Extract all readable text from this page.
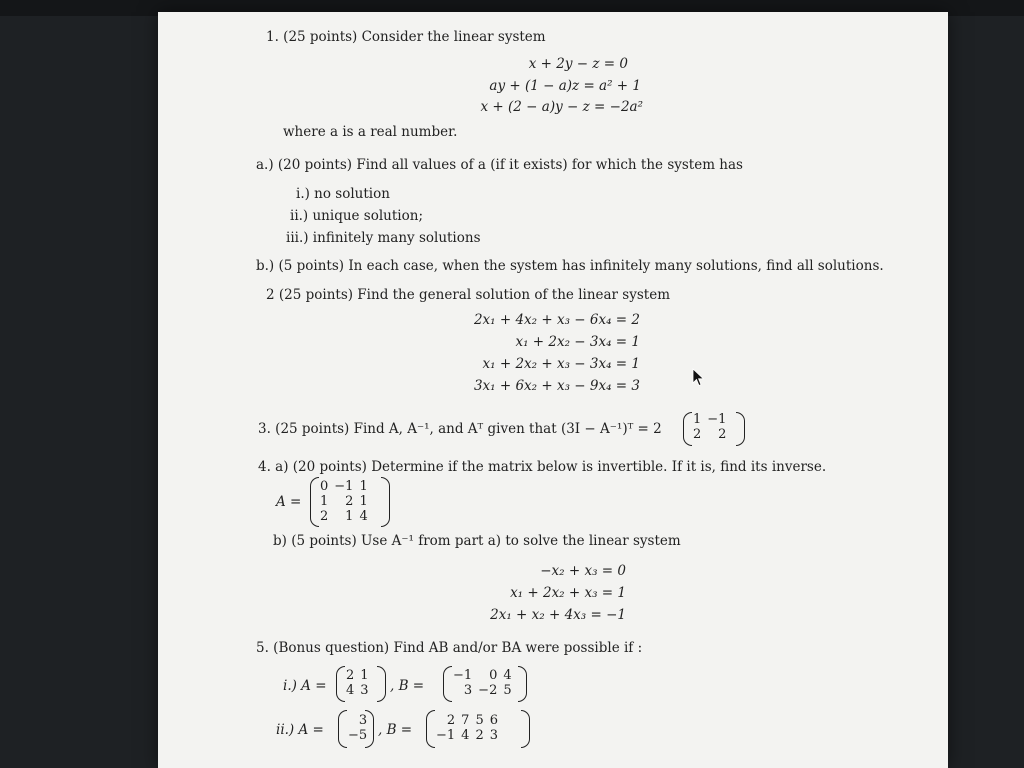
1. (25 points) Consider the linear system
x + 2y − z = 0
ay + (1 − a)z = a² + 1
x + (2 − a)y − z = −2a²
where a is a real number.
a.) (20 points) Find all values of a (if it exists) for which the system has
i.) no solution
ii.) unique solution;
iii.) infinitely many solutions
b.) (5 points) In each case, when the system has infinitely many solutions, find all solutions.
2 (25 points) Find the general solution of the linear system
2x₁ + 4x₂ + x₃ − 6x₄ = 2
x₁ + 2x₂ − 3x₄ = 1
x₁ + 2x₂ + x₃ − 3x₄ = 1
3x₁ + 6x₂ + x₃ − 9x₄ = 3
3. (25 points) Find A, A⁻¹, and Aᵀ given that (3I − A⁻¹)ᵀ = 2
1	−1
2	2
4. a) (20 points) Determine if the matrix below is invertible. If it is, find its inverse.
A =
0	−1	1
1	2	1
2	1	4
b) (5 points) Use A⁻¹ from part a) to solve the linear system
−x₂ + x₃ = 0
x₁ + 2x₂ + x₃ = 1
2x₁ + x₂ + 4x₃ = −1
5. (Bonus question) Find AB and/or BA were possible if :
i.) A =
2	1
4	3 , B =
−1	0	4
3	−2	5
ii.) A =
3
−5 , B =
2	7	5	6
−1	4	2	3
